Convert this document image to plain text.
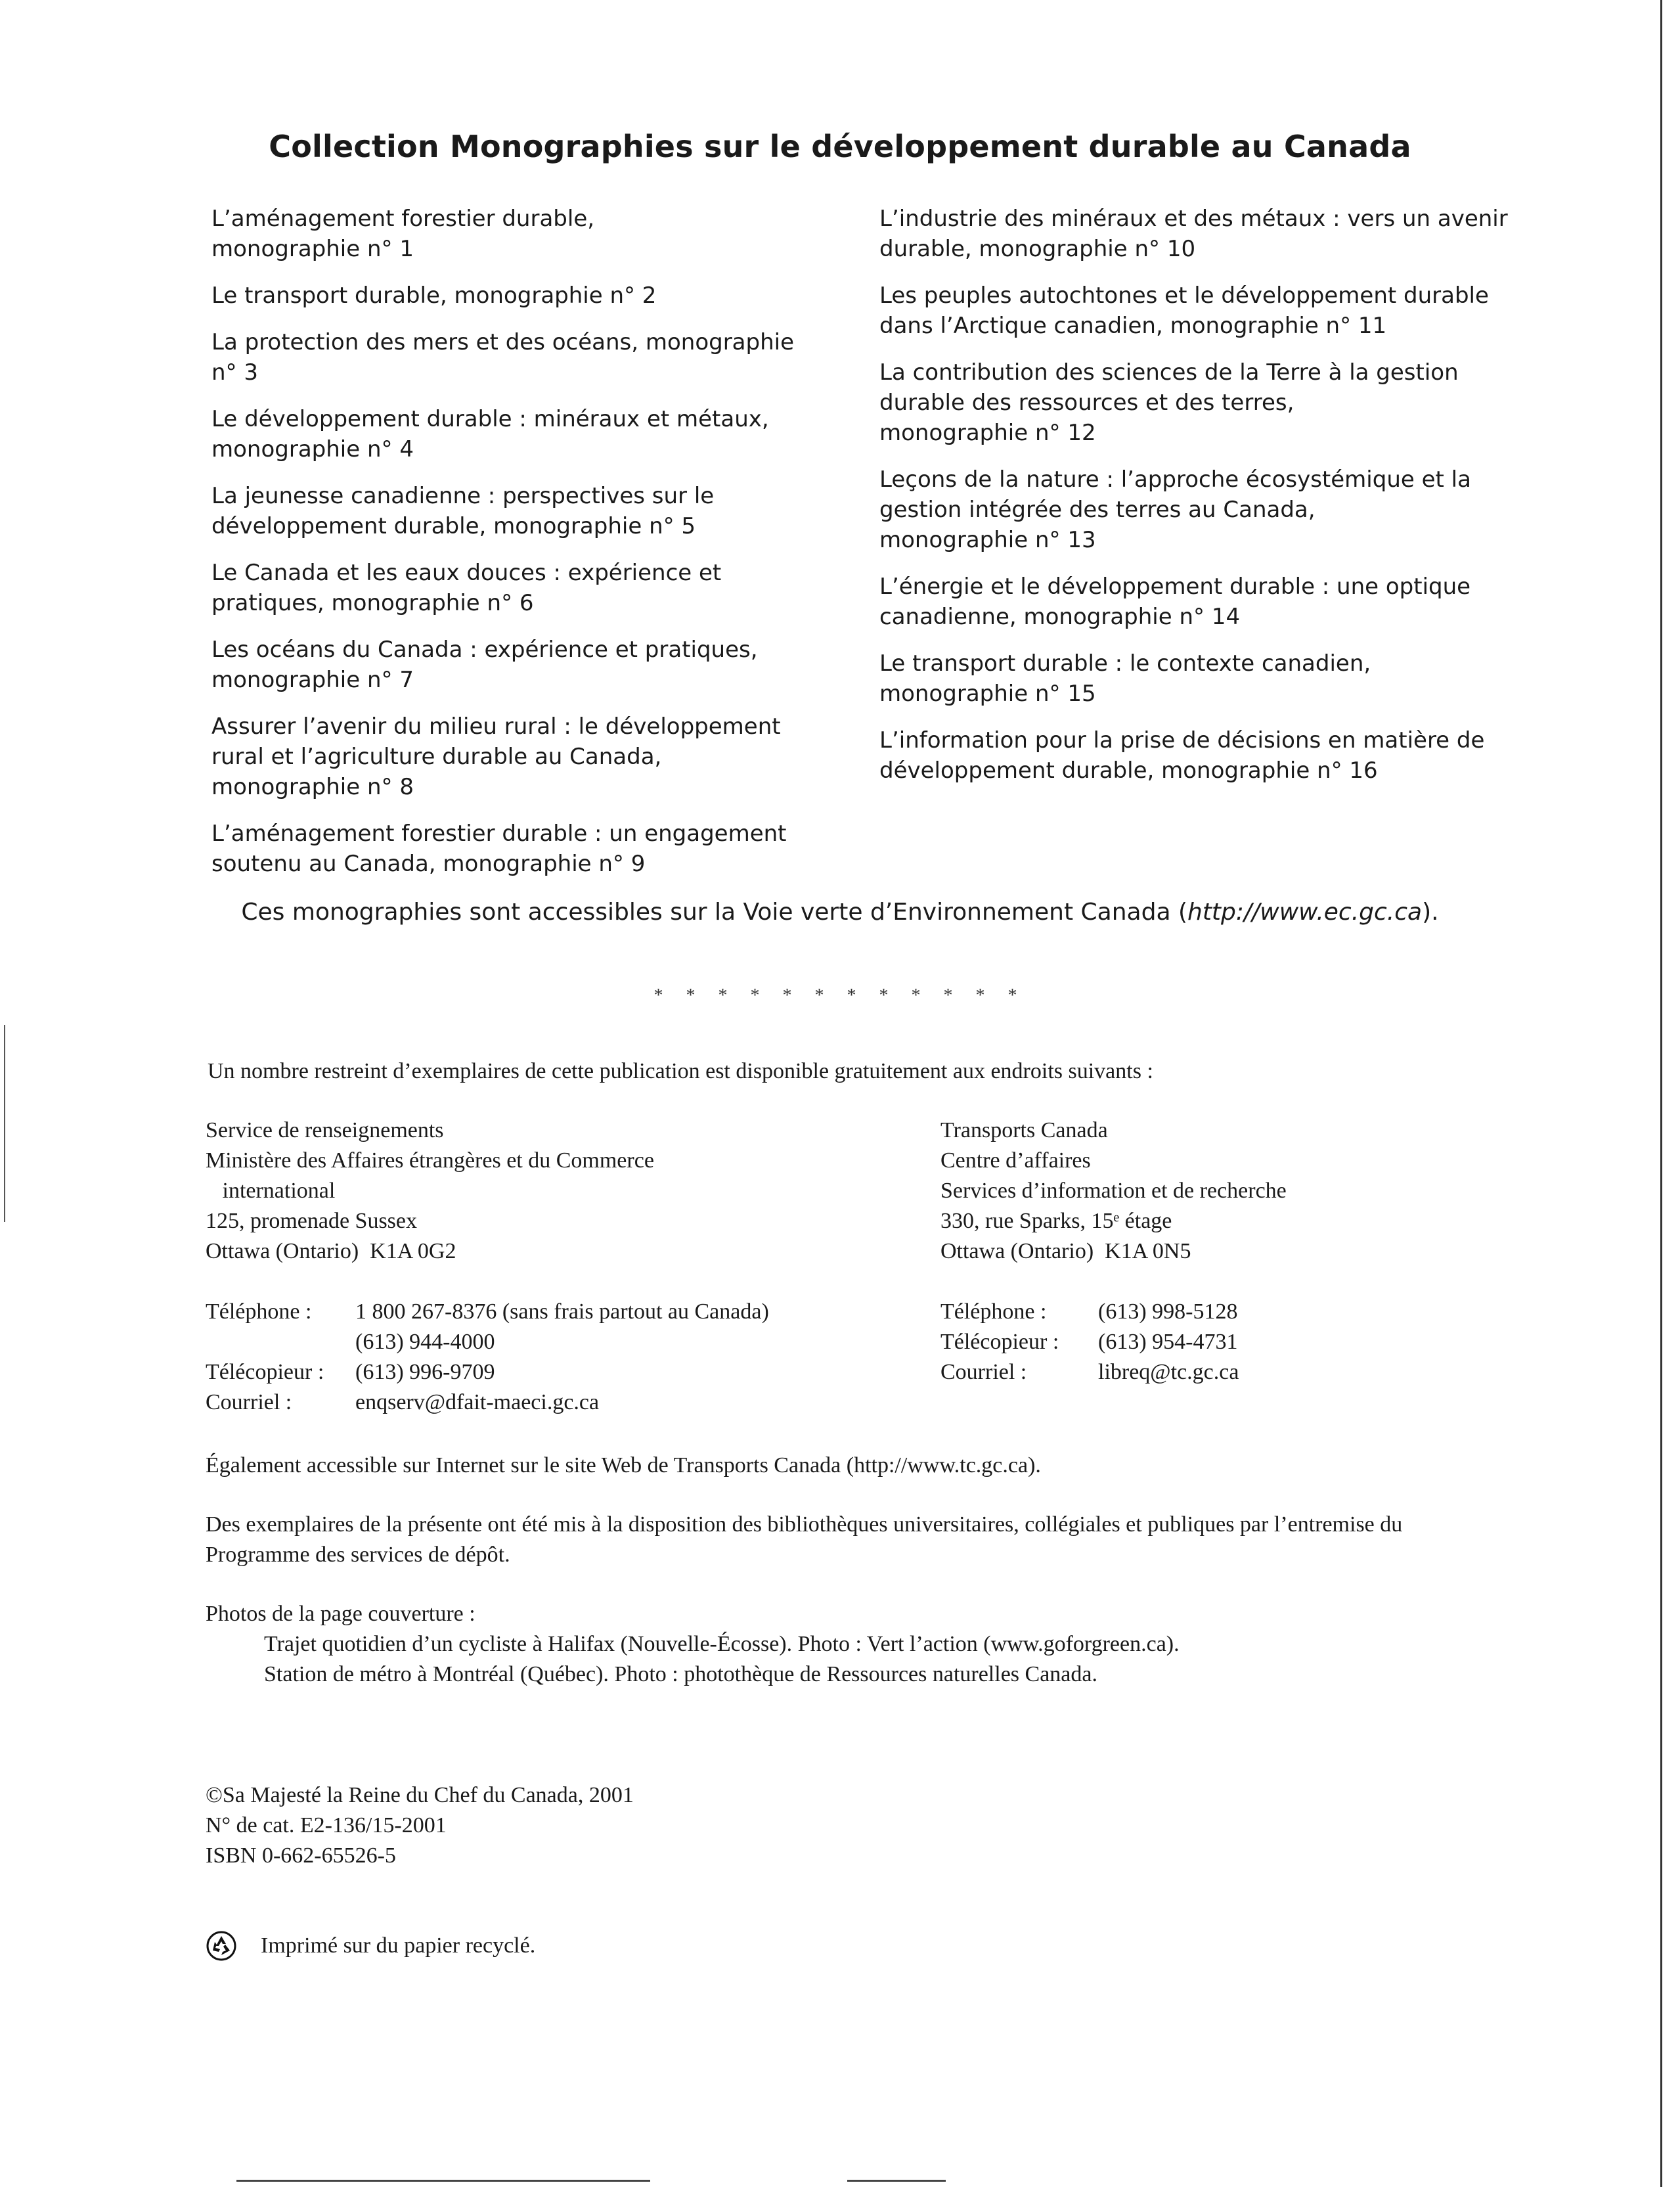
Collection Monographies sur le développement durable au Canada
L’aménagement forestier durable,
monographie n° 1
Le transport durable, monographie n° 2
La protection des mers et des océans, monographie n° 3
Le développement durable : minéraux et métaux,
monographie n° 4
La jeunesse canadienne : perspectives sur le
développement durable, monographie n° 5
Le Canada et les eaux douces : expérience et
pratiques, monographie n° 6
Les océans du Canada : expérience et pratiques,
monographie n° 7
Assurer l’avenir du milieu rural : le développement
rural et l’agriculture durable au Canada,
monographie n° 8
L’aménagement forestier durable : un engagement
soutenu au Canada, monographie n° 9
L’industrie des minéraux et des métaux : vers un avenir
durable, monographie n° 10
Les peuples autochtones et le développement durable
dans l’Arctique canadien, monographie n° 11
La contribution des sciences de la Terre à la gestion
durable des ressources et des terres,
monographie n° 12
Leçons de la nature : l’approche écosystémique et la
gestion intégrée des terres au Canada,
monographie n° 13
L’énergie et le développement durable : une optique
canadienne, monographie n° 14
Le transport durable : le contexte canadien,
monographie n° 15
L’information pour la prise de décisions en matière de
développement durable, monographie n° 16
Ces monographies sont accessibles sur la Voie verte d’Environnement Canada (http://www.ec.gc.ca).
* * * * * * * * * * * *
Un nombre restreint d’exemplaires de cette publication est disponible gratuitement aux endroits suivants :
Service de renseignements
Ministère des Affaires étrangères et du Commerce
international
125, promenade Sussex
Ottawa (Ontario)  K1A 0G2
Transports Canada
Centre d’affaires
Services d’information et de recherche
330, rue Sparks, 15ᵉ étage
Ottawa (Ontario)  K1A 0N5
Téléphone :	1 800 267-8376 (sans frais partout au Canada)
(613) 944-4000
Télécopieur :	(613) 996-9709
Courriel :	enqserv@dfait-maeci.gc.ca
Téléphone :	(613) 998-5128
Télécopieur :	(613) 954-4731
Courriel :	libreq@tc.gc.ca
Également accessible sur Internet sur le site Web de Transports Canada (http://www.tc.gc.ca).
Des exemplaires de la présente ont été mis à la disposition des bibliothèques universitaires, collégiales et publiques par l’entremise du Programme des services de dépôt.
Photos de la page couverture :
Trajet quotidien d’un cycliste à Halifax (Nouvelle-Écosse). Photo : Vert l’action (www.goforgreen.ca).
Station de métro à Montréal (Québec). Photo : photothèque de Ressources naturelles Canada.
©Sa Majesté la Reine du Chef du Canada, 2001
N° de cat. E2-136/15-2001
ISBN 0-662-65526-5
Imprimé sur du papier recyclé.
